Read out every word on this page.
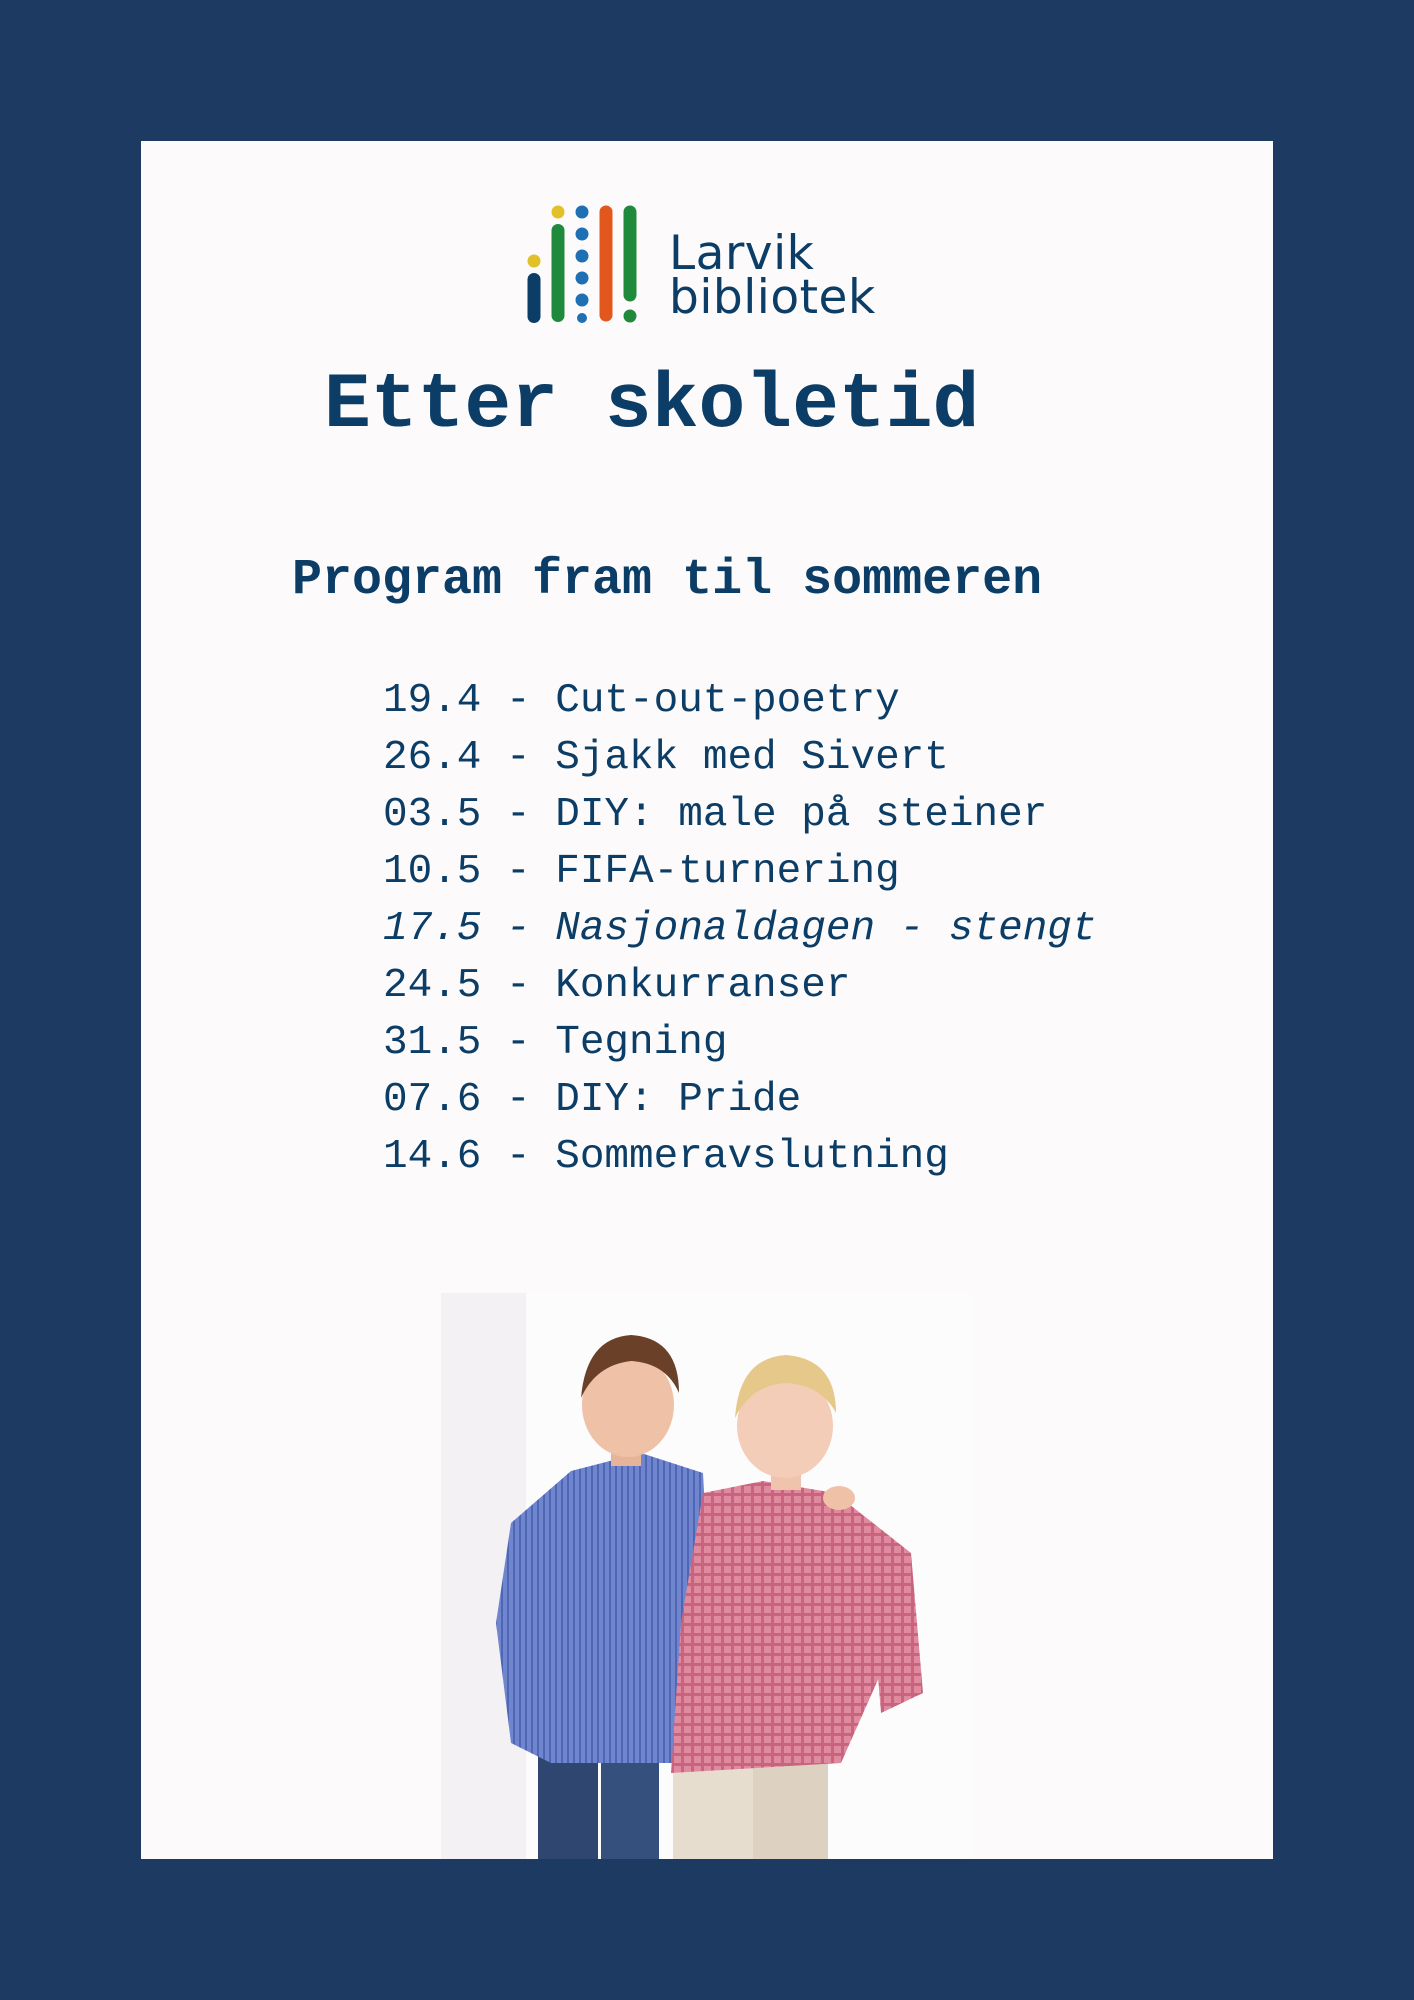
Larvik
bibliotek
Etter skoletid
Program fram til sommeren
19.4 - Cut-out-poetry
26.4 - Sjakk med Sivert
03.5 - DIY: male på steiner
10.5 - FIFA-turnering
17.5 - Nasjonaldagen - stengt
24.5 - Konkurranser
31.5 - Tegning
07.6 - DIY: Pride
14.6 - Sommeravslutning
